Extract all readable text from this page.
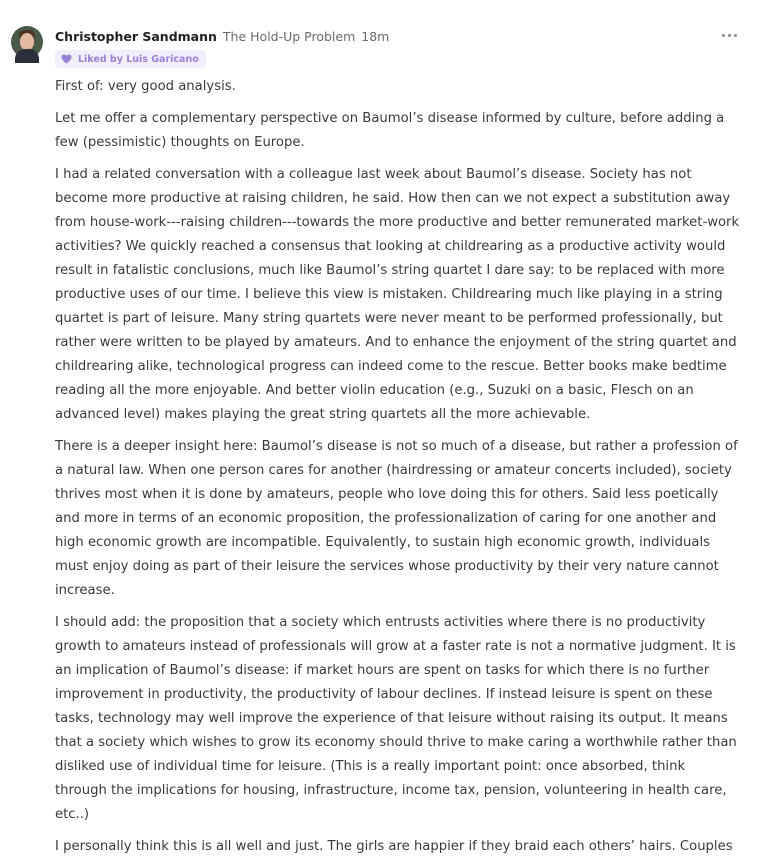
Christopher Sandmann The Hold-Up Problem 18m
Liked by Luis Garicano

First of: very good analysis.

Let me offer a complementary perspective on Baumol’s disease informed by culture, before adding a few (pessimistic) thoughts on Europe.

I had a related conversation with a colleague last week about Baumol’s disease. Society has not become more productive at raising children, he said. How then can we not expect a substitution away from house-work---raising children---towards the more productive and better remunerated market-work activities? We quickly reached a consensus that looking at childrearing as a productive activity would result in fatalistic conclusions, much like Baumol’s string quartet I dare say: to be replaced with more productive uses of our time. I believe this view is mistaken. Childrearing much like playing in a string quartet is part of leisure. Many string quartets were never meant to be performed professionally, but rather were written to be played by amateurs. And to enhance the enjoyment of the string quartet and childrearing alike, technological progress can indeed come to the rescue. Better books make bedtime reading all the more enjoyable. And better violin education (e.g., Suzuki on a basic, Flesch on an advanced level) makes playing the great string quartets all the more achievable.

There is a deeper insight here: Baumol’s disease is not so much of a disease, but rather a profession of a natural law. When one person cares for another (hairdressing or amateur concerts included), society thrives most when it is done by amateurs, people who love doing this for others. Said less poetically and more in terms of an economic proposition, the professionalization of caring for one another and high economic growth are incompatible. Equivalently, to sustain high economic growth, individuals must enjoy doing as part of their leisure the services whose productivity by their very nature cannot increase.

I should add: the proposition that a society which entrusts activities where there is no productivity growth to amateurs instead of professionals will grow at a faster rate is not a normative judgment. It is an implication of Baumol’s disease: if market hours are spent on tasks for which there is no further improvement in productivity, the productivity of labour declines. If instead leisure is spent on these tasks, technology may well improve the experience of that leisure without raising its output. It means that a society which wishes to grow its economy should thrive to make caring a worthwhile rather than disliked use of individual time for leisure. (This is a really important point: once absorbed, think through the implications for housing, infrastructure, income tax, pension, volunteering in health care, etc..)

I personally think this is all well and just. The girls are happier if they braid each others’ hairs. Couples
